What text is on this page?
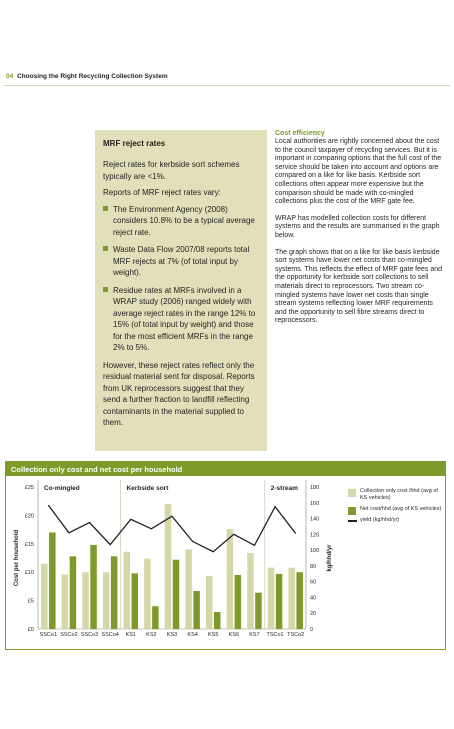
04 Choosing the Right Recycling Collection System
MRF reject rates

Reject rates for kerbside sort schemes typically are <1%.

Reports of MRF reject rates vary:

The Environment Agency (2008) considers 10.8% to be a typical average reject rate.
Waste Data Flow 2007/08 reports total MRF rejects at 7% (of total input by weight).
Residue rates at MRFs involved in a WRAP study (2006) ranged widely with average reject rates in the range 12% to 15% (of total input by weight) and those for the most efficient MRFs in the range 2% to 5%.

However, these reject rates reflect only the residual material sent for disposal. Reports from UK reprocessors suggest that they send a further fraction to landfill reflecting contaminants in the material supplied to them.

Cost efficiency

Local authorities are rightly concerned about the cost to the council taxpayer of recycling services. But it is important in comparing options that the full cost of the service should be taken into account and options are compared on a like for like basis. Kerbside sort collections often appear more expensive but the comparison should be made with co-mingled collections plus the cost of the MRF gate fee.

WRAP has modelled collection costs for different systems and the results are summarised in the graph below.

The graph shows that on a like for like basis kerbside sort systems have lower net costs than co-mingled systems. This reflects the effect of MRF gate fees and the opportunity for kerbside sort collections to sell materials direct to reprocessors. Two stream co-mingled systems have lower net costs than single stream systems reflecting lower MRF requirements and the opportunity to sell fibre streams direct to reprocessors.

Collection only cost and net cost per household
Co-mingled	Kerbside sort	2-stream
£0
£5
£10
£15
£20
£25
0
20
40
60
80
100
120
140
160
180
Cost per household	kg/hhd/yr
SSCo1 SSCo2 SSCo3 SSCo4 KS1 KS2 KS3 KS4 KS5 KS6 KS7 TSCo1 TSCo2
Collection only cost /hhd (avg of KS vehicles)
Net cost/hhd (avg of KS vehicles)
yield (kg/hhd/yr)
